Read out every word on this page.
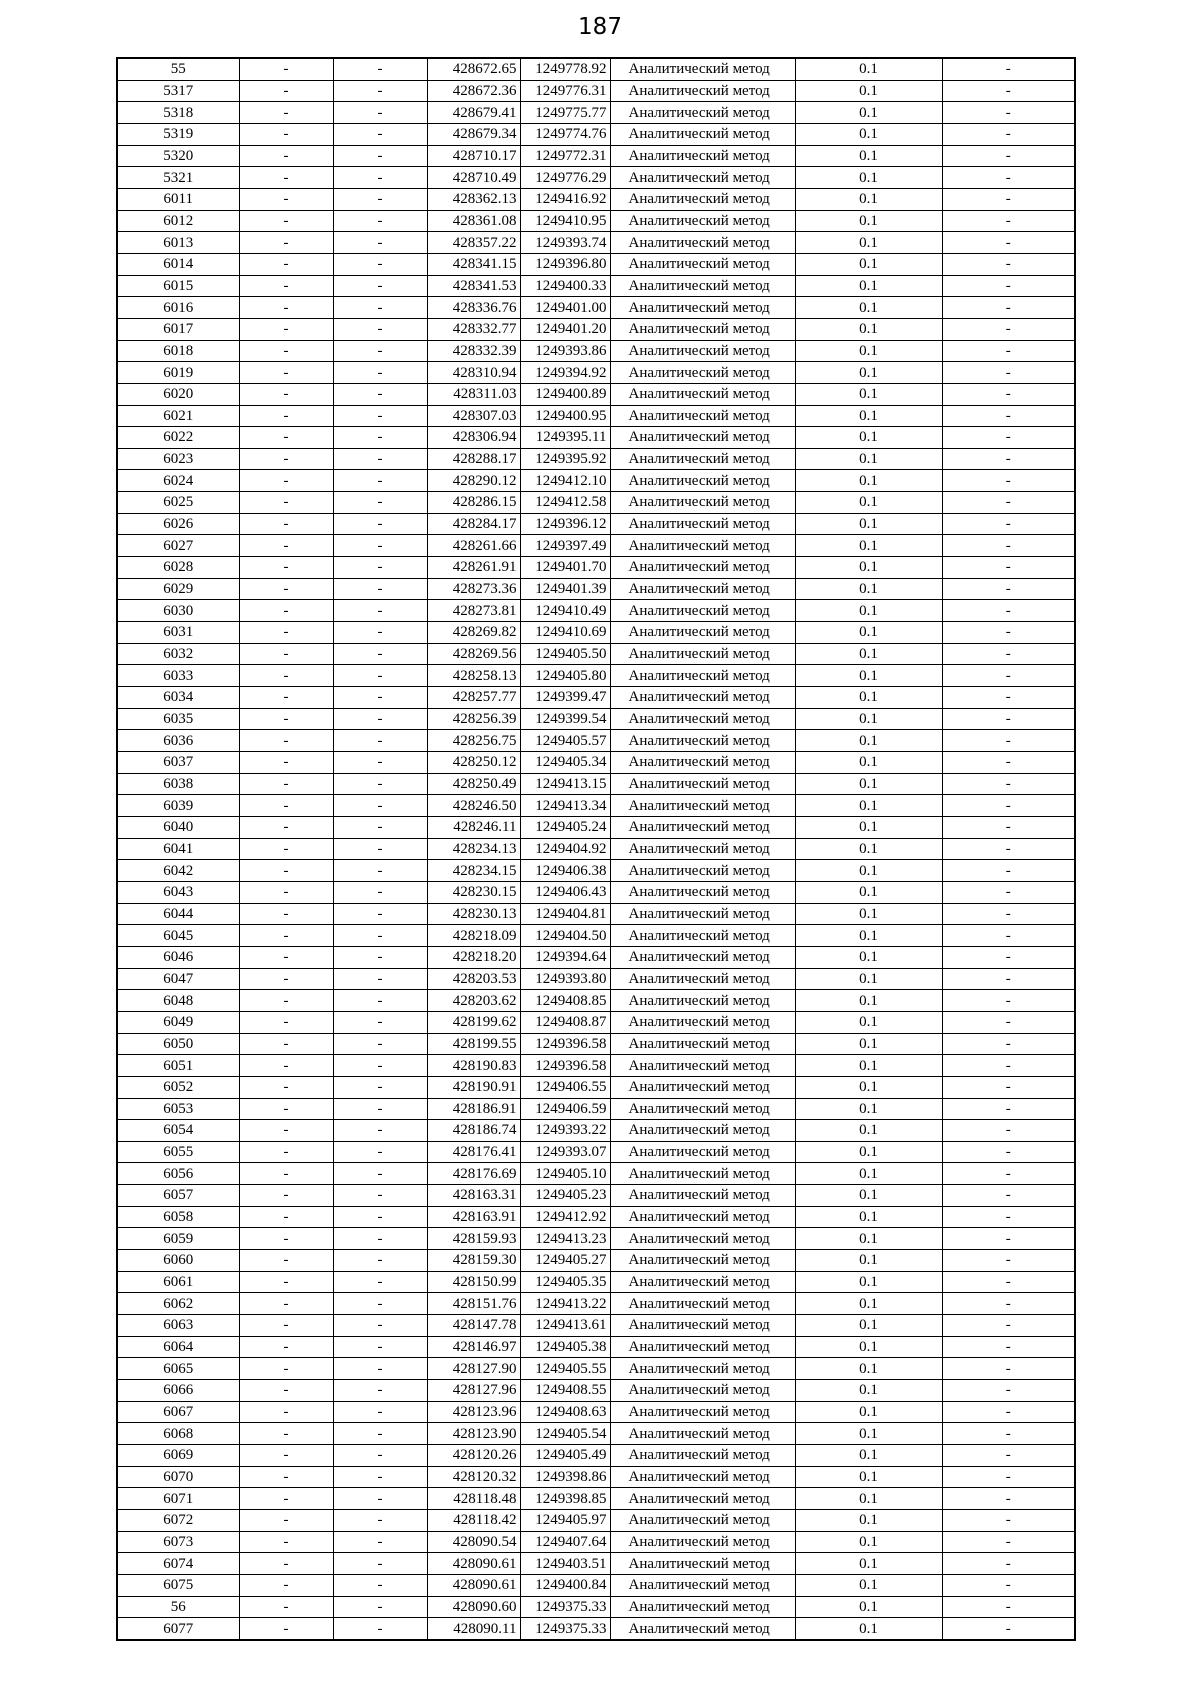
187
55	-	-	428672.65	1249778.92	Аналитический метод	0.1	-
5317	-	-	428672.36	1249776.31	Аналитический метод	0.1	-
5318	-	-	428679.41	1249775.77	Аналитический метод	0.1	-
5319	-	-	428679.34	1249774.76	Аналитический метод	0.1	-
5320	-	-	428710.17	1249772.31	Аналитический метод	0.1	-
5321	-	-	428710.49	1249776.29	Аналитический метод	0.1	-
6011	-	-	428362.13	1249416.92	Аналитический метод	0.1	-
6012	-	-	428361.08	1249410.95	Аналитический метод	0.1	-
6013	-	-	428357.22	1249393.74	Аналитический метод	0.1	-
6014	-	-	428341.15	1249396.80	Аналитический метод	0.1	-
6015	-	-	428341.53	1249400.33	Аналитический метод	0.1	-
6016	-	-	428336.76	1249401.00	Аналитический метод	0.1	-
6017	-	-	428332.77	1249401.20	Аналитический метод	0.1	-
6018	-	-	428332.39	1249393.86	Аналитический метод	0.1	-
6019	-	-	428310.94	1249394.92	Аналитический метод	0.1	-
6020	-	-	428311.03	1249400.89	Аналитический метод	0.1	-
6021	-	-	428307.03	1249400.95	Аналитический метод	0.1	-
6022	-	-	428306.94	1249395.11	Аналитический метод	0.1	-
6023	-	-	428288.17	1249395.92	Аналитический метод	0.1	-
6024	-	-	428290.12	1249412.10	Аналитический метод	0.1	-
6025	-	-	428286.15	1249412.58	Аналитический метод	0.1	-
6026	-	-	428284.17	1249396.12	Аналитический метод	0.1	-
6027	-	-	428261.66	1249397.49	Аналитический метод	0.1	-
6028	-	-	428261.91	1249401.70	Аналитический метод	0.1	-
6029	-	-	428273.36	1249401.39	Аналитический метод	0.1	-
6030	-	-	428273.81	1249410.49	Аналитический метод	0.1	-
6031	-	-	428269.82	1249410.69	Аналитический метод	0.1	-
6032	-	-	428269.56	1249405.50	Аналитический метод	0.1	-
6033	-	-	428258.13	1249405.80	Аналитический метод	0.1	-
6034	-	-	428257.77	1249399.47	Аналитический метод	0.1	-
6035	-	-	428256.39	1249399.54	Аналитический метод	0.1	-
6036	-	-	428256.75	1249405.57	Аналитический метод	0.1	-
6037	-	-	428250.12	1249405.34	Аналитический метод	0.1	-
6038	-	-	428250.49	1249413.15	Аналитический метод	0.1	-
6039	-	-	428246.50	1249413.34	Аналитический метод	0.1	-
6040	-	-	428246.11	1249405.24	Аналитический метод	0.1	-
6041	-	-	428234.13	1249404.92	Аналитический метод	0.1	-
6042	-	-	428234.15	1249406.38	Аналитический метод	0.1	-
6043	-	-	428230.15	1249406.43	Аналитический метод	0.1	-
6044	-	-	428230.13	1249404.81	Аналитический метод	0.1	-
6045	-	-	428218.09	1249404.50	Аналитический метод	0.1	-
6046	-	-	428218.20	1249394.64	Аналитический метод	0.1	-
6047	-	-	428203.53	1249393.80	Аналитический метод	0.1	-
6048	-	-	428203.62	1249408.85	Аналитический метод	0.1	-
6049	-	-	428199.62	1249408.87	Аналитический метод	0.1	-
6050	-	-	428199.55	1249396.58	Аналитический метод	0.1	-
6051	-	-	428190.83	1249396.58	Аналитический метод	0.1	-
6052	-	-	428190.91	1249406.55	Аналитический метод	0.1	-
6053	-	-	428186.91	1249406.59	Аналитический метод	0.1	-
6054	-	-	428186.74	1249393.22	Аналитический метод	0.1	-
6055	-	-	428176.41	1249393.07	Аналитический метод	0.1	-
6056	-	-	428176.69	1249405.10	Аналитический метод	0.1	-
6057	-	-	428163.31	1249405.23	Аналитический метод	0.1	-
6058	-	-	428163.91	1249412.92	Аналитический метод	0.1	-
6059	-	-	428159.93	1249413.23	Аналитический метод	0.1	-
6060	-	-	428159.30	1249405.27	Аналитический метод	0.1	-
6061	-	-	428150.99	1249405.35	Аналитический метод	0.1	-
6062	-	-	428151.76	1249413.22	Аналитический метод	0.1	-
6063	-	-	428147.78	1249413.61	Аналитический метод	0.1	-
6064	-	-	428146.97	1249405.38	Аналитический метод	0.1	-
6065	-	-	428127.90	1249405.55	Аналитический метод	0.1	-
6066	-	-	428127.96	1249408.55	Аналитический метод	0.1	-
6067	-	-	428123.96	1249408.63	Аналитический метод	0.1	-
6068	-	-	428123.90	1249405.54	Аналитический метод	0.1	-
6069	-	-	428120.26	1249405.49	Аналитический метод	0.1	-
6070	-	-	428120.32	1249398.86	Аналитический метод	0.1	-
6071	-	-	428118.48	1249398.85	Аналитический метод	0.1	-
6072	-	-	428118.42	1249405.97	Аналитический метод	0.1	-
6073	-	-	428090.54	1249407.64	Аналитический метод	0.1	-
6074	-	-	428090.61	1249403.51	Аналитический метод	0.1	-
6075	-	-	428090.61	1249400.84	Аналитический метод	0.1	-
56	-	-	428090.60	1249375.33	Аналитический метод	0.1	-
6077	-	-	428090.11	1249375.33	Аналитический метод	0.1	-
